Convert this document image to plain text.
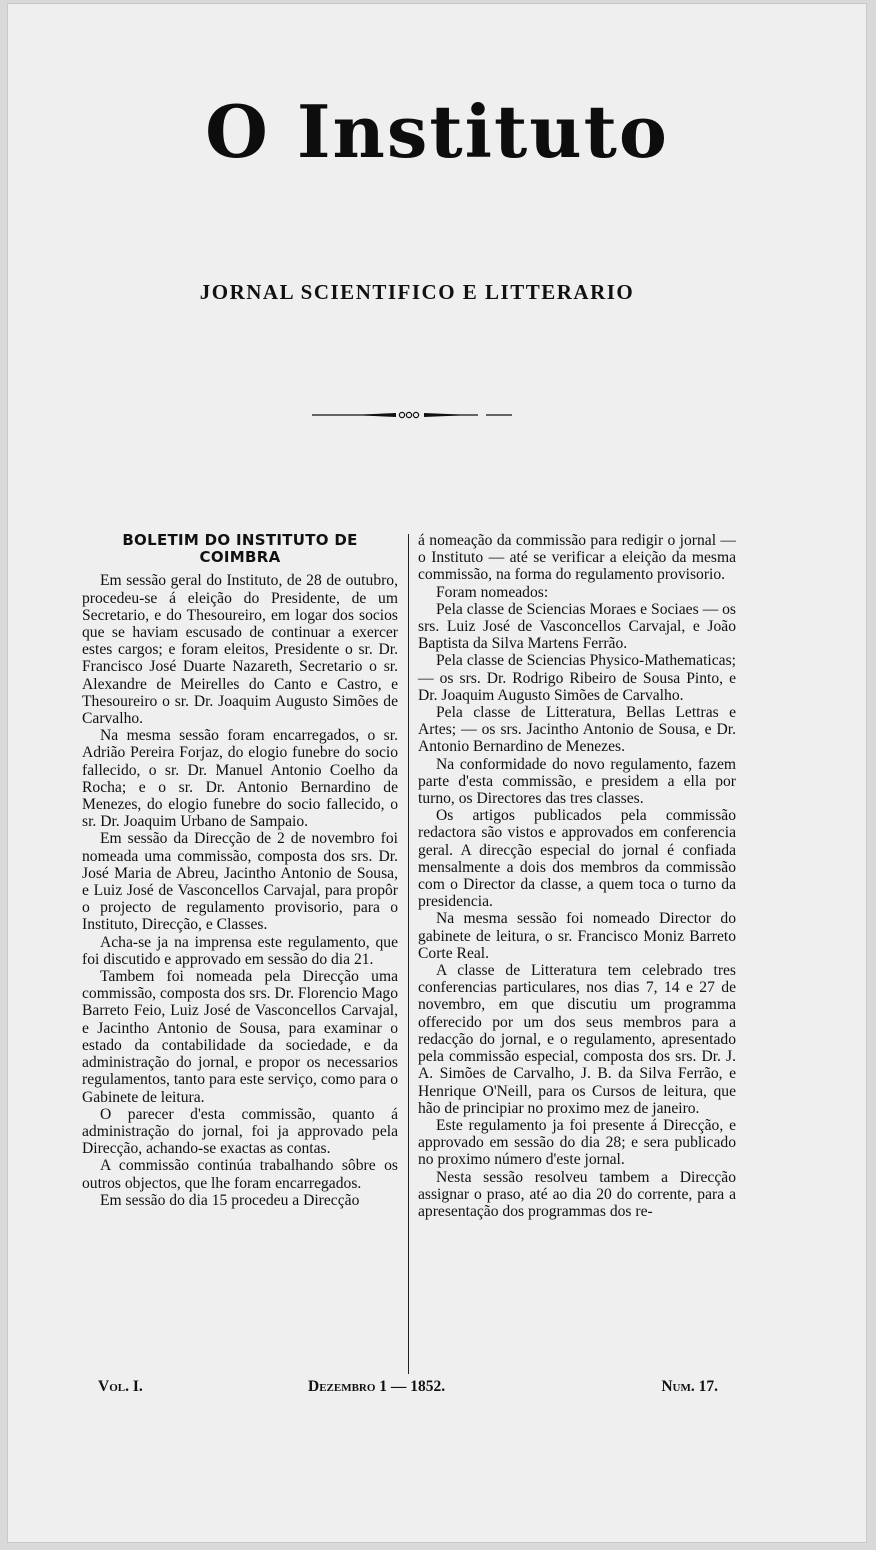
O Instituto
JORNAL SCIENTIFICO E LITTERARIO

BOLETIM DO INSTITUTO DE COIMBRA

Em sessão geral do Instituto, de 28 de outubro, procedeu-se á eleição do Presidente, de um Secretario, e do Thesoureiro, em logar dos socios que se haviam escusado de continuar a exercer estes cargos; e foram eleitos, Presidente o sr. Dr. Francisco José Duarte Nazareth, Secretario o sr. Alexandre de Meirelles do Canto e Castro, e Thesoureiro o sr. Dr. Joaquim Augusto Simões de Carvalho.

Na mesma sessão foram encarregados, o sr. Adrião Pereira Forjaz, do elogio funebre do socio fallecido, o sr. Dr. Manuel Antonio Coelho da Rocha; e o sr. Dr. Antonio Bernardino de Menezes, do elogio funebre do socio fallecido, o sr. Dr. Joaquim Urbano de Sampaio.

Em sessão da Direcção de 2 de novembro foi nomeada uma commissão, composta dos srs. Dr. José Maria de Abreu, Jacintho Antonio de Sousa, e Luiz José de Vasconcellos Carvajal, para propôr o projecto de regulamento provisorio, para o Instituto, Direcção, e Classes.

Acha-se ja na imprensa este regulamento, que foi discutido e approvado em sessão do dia 21.

Tambem foi nomeada pela Direcção uma commissão, composta dos srs. Dr. Florencio Mago Barreto Feio, Luiz José de Vasconcellos Carvajal, e Jacintho Antonio de Sousa, para examinar o estado da contabilidade da sociedade, e da administração do jornal, e propor os necessarios regulamentos, tanto para este serviço, como para o Gabinete de leitura.

O parecer d'esta commissão, quanto á administração do jornal, foi ja approvado pela Direcção, achando-se exactas as contas.

A commissão continúa trabalhando sôbre os outros objectos, que lhe foram encarregados.

Em sessão do dia 15 procedeu a Direcção

á nomeação da commissão para redigir o jornal — o Instituto — até se verificar a eleição da mesma commissão, na forma do regulamento provisorio.

Foram nomeados:

Pela classe de Sciencias Moraes e Sociaes — os srs. Luiz José de Vasconcellos Carvajal, e João Baptista da Silva Martens Ferrão.

Pela classe de Sciencias Physico-Mathematicas; — os srs. Dr. Rodrigo Ribeiro de Sousa Pinto, e Dr. Joaquim Augusto Simões de Carvalho.

Pela classe de Litteratura, Bellas Lettras e Artes; — os srs. Jacintho Antonio de Sousa, e Dr. Antonio Bernardino de Menezes.

Na conformidade do novo regulamento, fazem parte d'esta commissão, e presidem a ella por turno, os Directores das tres classes.

Os artigos publicados pela commissão redactora são vistos e approvados em conferencia geral. A direcção especial do jornal é confiada mensalmente a dois dos membros da commissão com o Director da classe, a quem toca o turno da presidencia.

Na mesma sessão foi nomeado Director do gabinete de leitura, o sr. Francisco Moniz Barreto Corte Real.

A classe de Litteratura tem celebrado tres conferencias particulares, nos dias 7, 14 e 27 de novembro, em que discutiu um programma offerecido por um dos seus membros para a redacção do jornal, e o regulamento, apresentado pela commissão especial, composta dos srs. Dr. J. A. Simões de Carvalho, J. B. da Silva Ferrão, e Henrique O'Neill, para os Cursos de leitura, que hão de principiar no proximo mez de janeiro.

Este regulamento ja foi presente á Direcção, e approvado em sessão do dia 28; e sera publicado no proximo número d'este jornal.

Nesta sessão resolveu tambem a Direcção assignar o praso, até ao dia 20 do corrente, para a apresentação dos programmas dos re-

Vol. I.	Dezembro 1 — 1852.	Num. 17.
